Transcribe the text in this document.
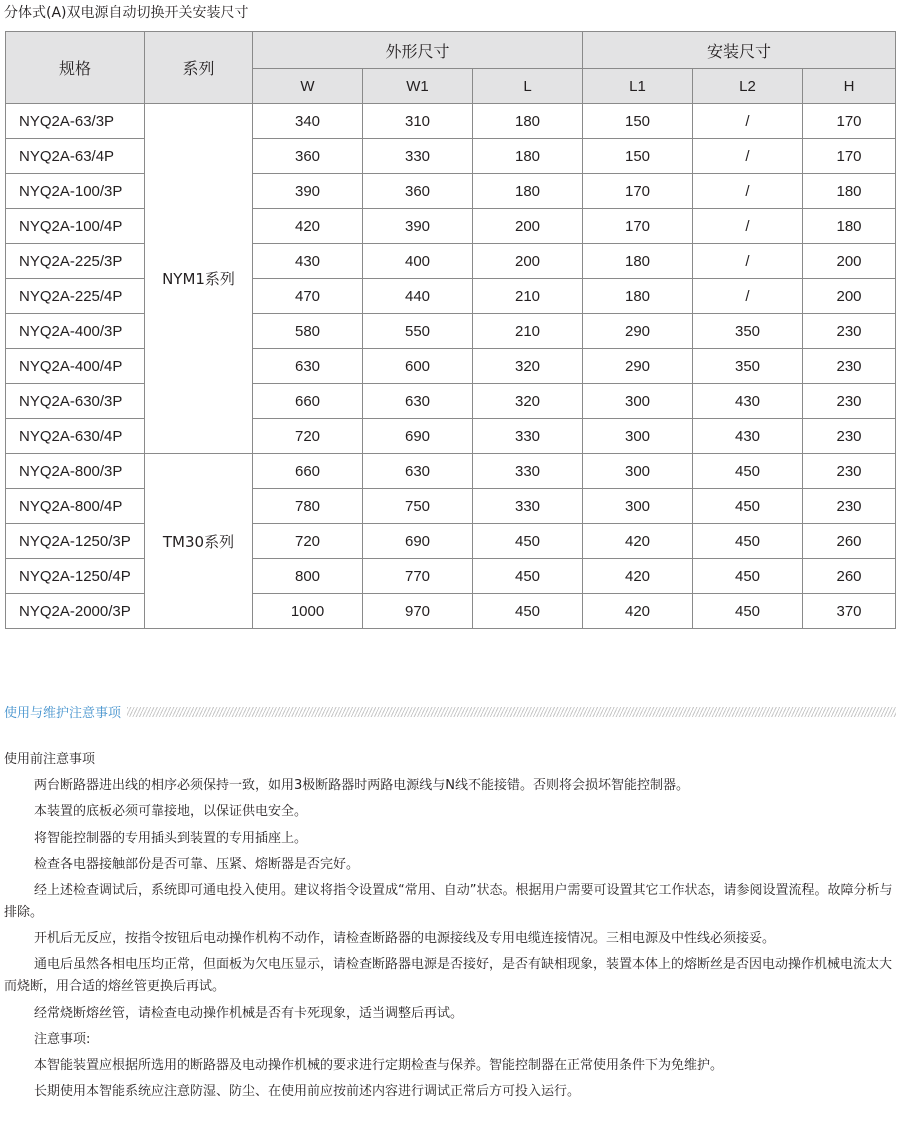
分体式(A)双电源自动切换开关安装尺寸
规格	系列	外形尺寸			安装尺寸		
		W	W1	L	L1	L2	H
NYQ2A-63/3P	NYM1系列	340	310	180	150	/	170
NYQ2A-63/4P		360	330	180	150	/	170
NYQ2A-100/3P		390	360	180	170	/	180
NYQ2A-100/4P		420	390	200	170	/	180
NYQ2A-225/3P		430	400	200	180	/	200
NYQ2A-225/4P		470	440	210	180	/	200
NYQ2A-400/3P		580	550	210	290	350	230
NYQ2A-400/4P		630	600	320	290	350	230
NYQ2A-630/3P		660	630	320	300	430	230
NYQ2A-630/4P		720	690	330	300	430	230
NYQ2A-800/3P	TM30系列	660	630	330	300	450	230
NYQ2A-800/4P		780	750	330	300	450	230
NYQ2A-1250/3P		720	690	450	420	450	260
NYQ2A-1250/4P		800	770	450	420	450	260
NYQ2A-2000/3P		1000	970	450	420	450	370
使用与维护注意事项

使用前注意事项

两台断路器进出线的相序必须保持一致，如用3极断路器时两路电源线与N线不能接错。否则将会损坏智能控制器。

本装置的底板必须可靠接地，以保证供电安全。

将智能控制器的专用插头到装置的专用插座上。

检查各电器接触部份是否可靠、压紧、熔断器是否完好。

经上述检查调试后，系统即可通电投入使用。建议将指令设置成“常用、自动”状态。根据用户需要可设置其它工作状态，请参阅设置流程。故障分析与排除。

开机后无反应，按指令按钮后电动操作机构不动作，请检查断路器的电源接线及专用电缆连接情况。三相电源及中性线必须接妥。

通电后虽然各相电压均正常，但面板为欠电压显示，请检查断路器电源是否接好，是否有缺相现象，装置本体上的熔断丝是否因电动操作机械电流太大而烧断，用合适的熔丝管更换后再试。

经常烧断熔丝管，请检查电动操作机械是否有卡死现象，适当调整后再试。

注意事项:

本智能装置应根据所选用的断路器及电动操作机械的要求进行定期检查与保养。智能控制器在正常使用条件下为免维护。

长期使用本智能系统应注意防湿、防尘、在使用前应按前述内容进行调试正常后方可投入运行。
